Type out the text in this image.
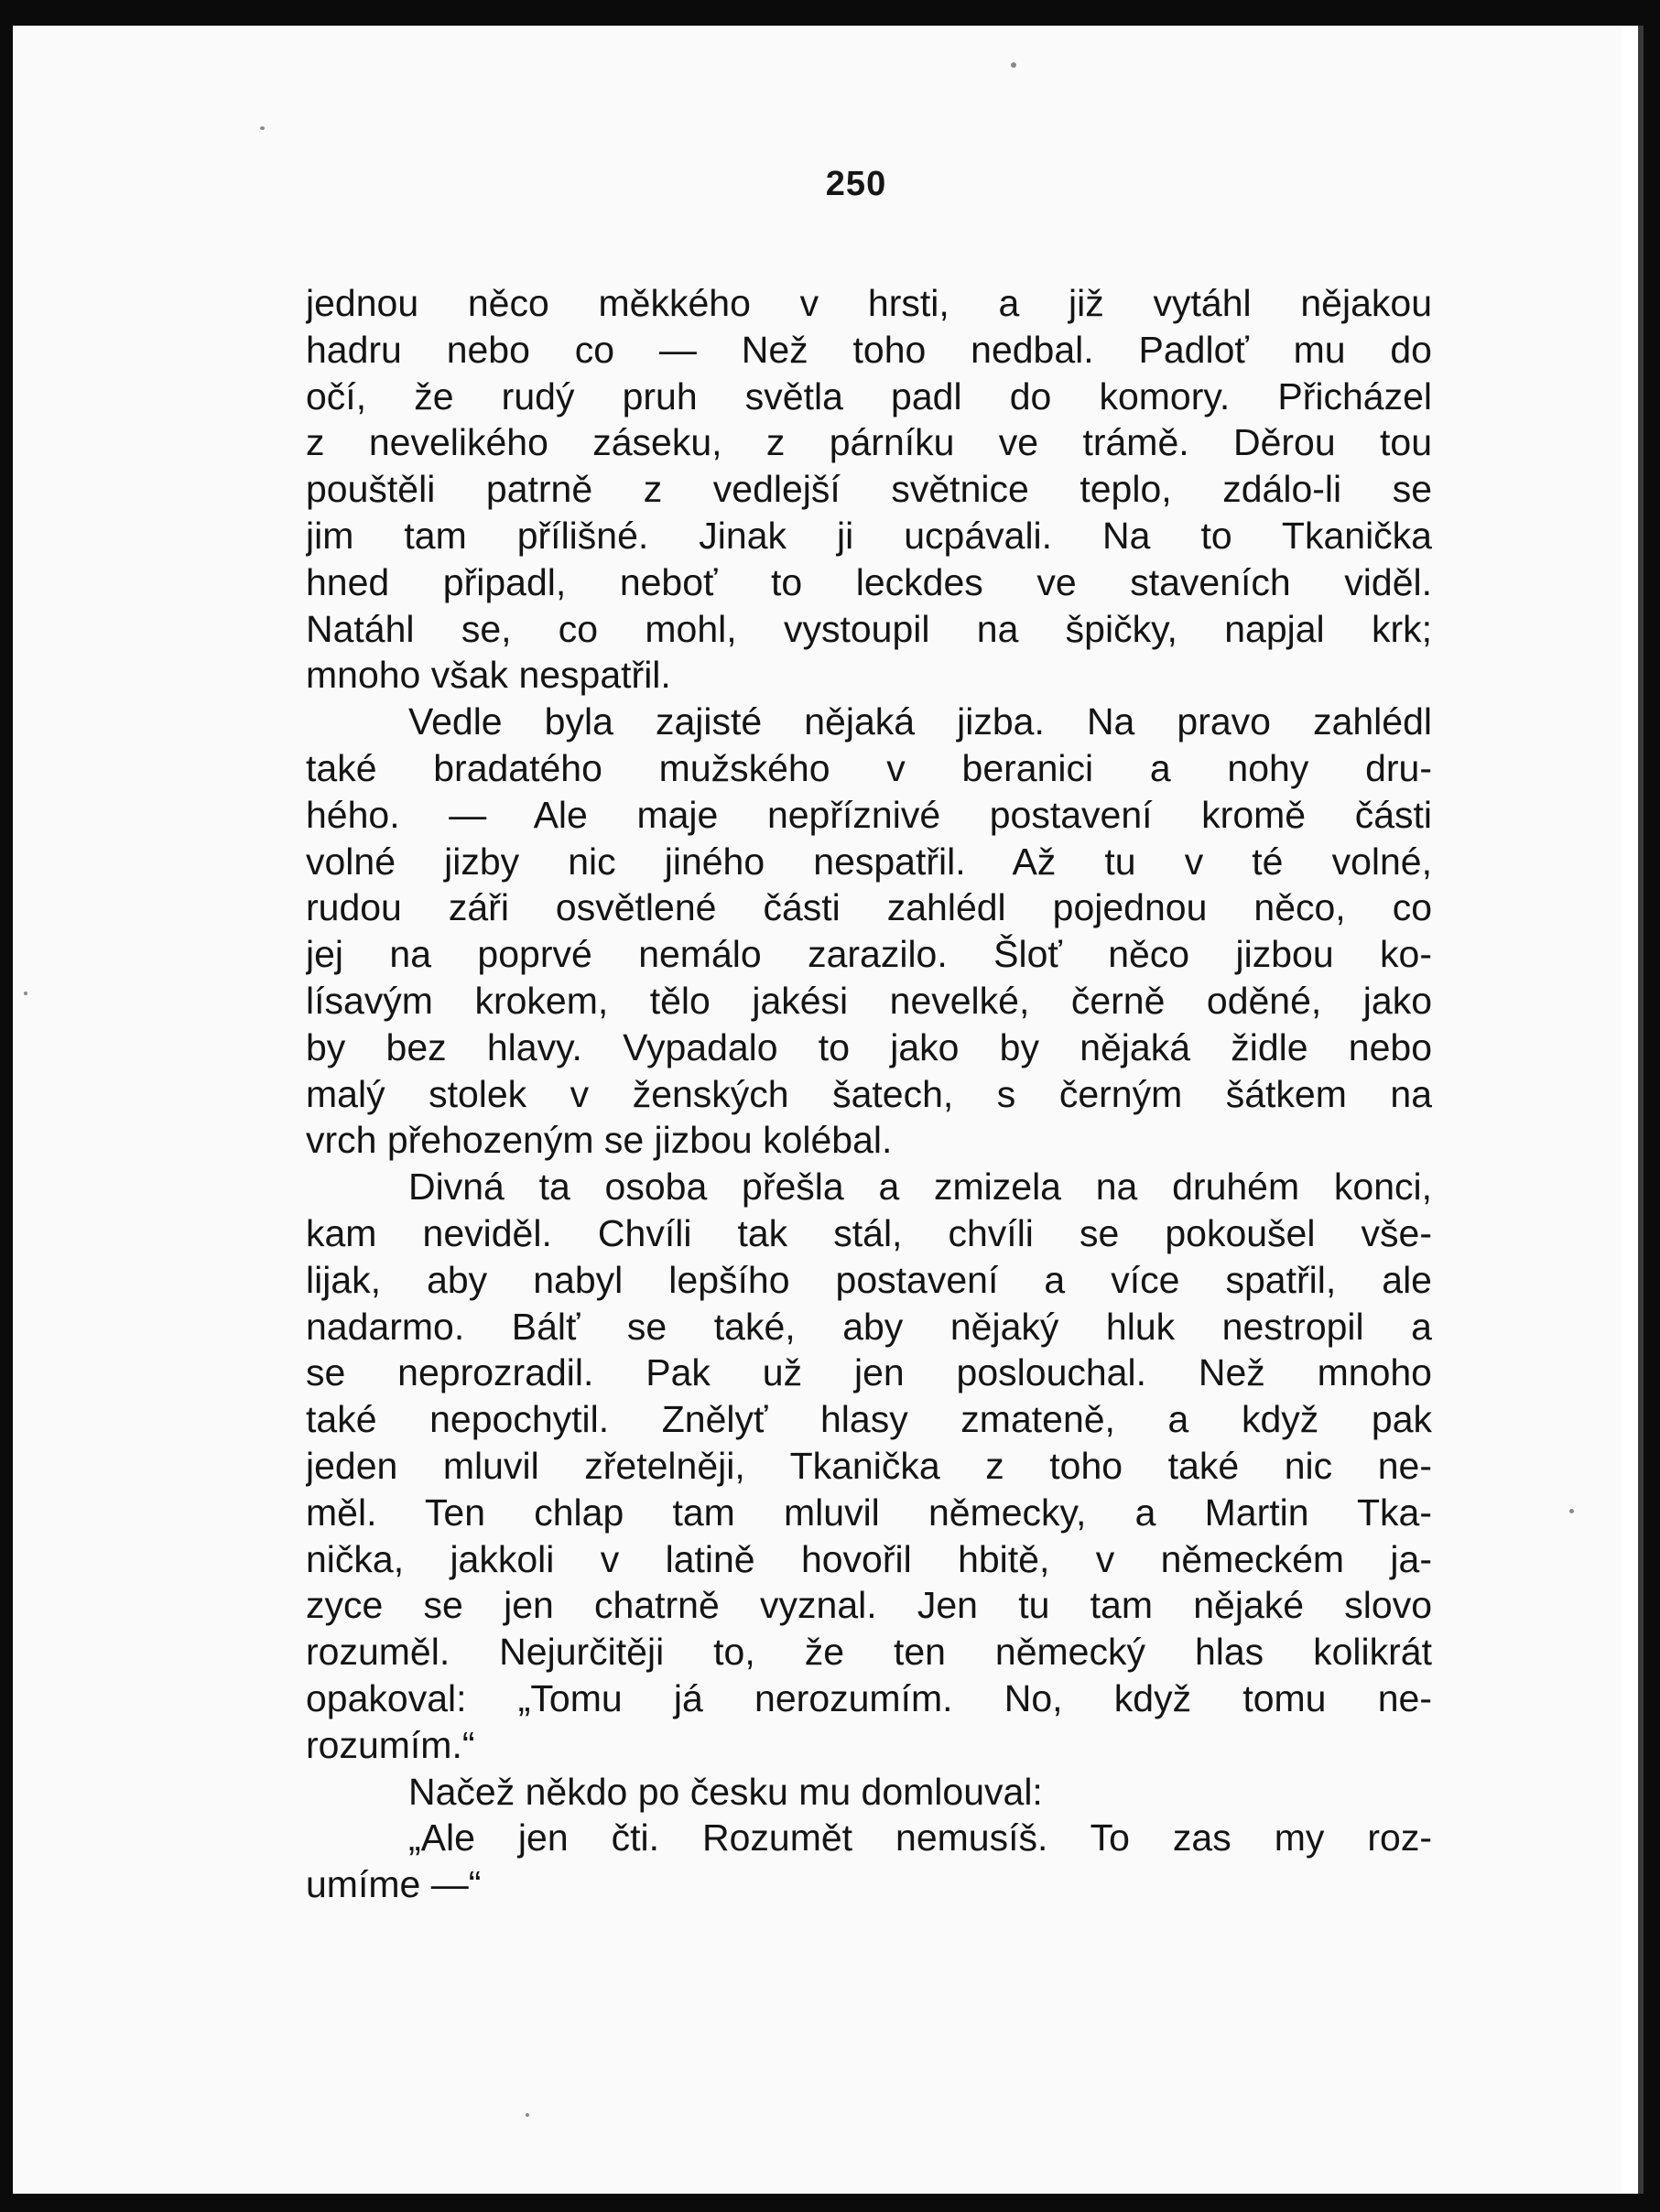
250
jednou něco měkkého v hrsti, a již vytáhl nějakou
hadru nebo co — Než toho nedbal. Padloť mu do
očí, že rudý pruh světla padl do komory. Přicházel
z nevelikého záseku, z párníku ve trámě. Děrou tou
pouštěli patrně z vedlejší světnice teplo, zdálo-li se
jim tam přílišné. Jinak ji ucpávali. Na to Tkanička
hned připadl, neboť to leckdes ve staveních viděl.
Natáhl se, co mohl, vystoupil na špičky, napjal krk;
mnoho však nespatřil.
Vedle byla zajisté nějaká jizba. Na pravo zahlédl
také bradatého mužského v beranici a nohy dru-
hého. — Ale maje nepříznivé postavení kromě části
volné jizby nic jiného nespatřil. Až tu v té volné,
rudou záři osvětlené části zahlédl pojednou něco, co
jej na poprvé nemálo zarazilo. Šloť něco jizbou ko-
lísavým krokem, tělo jakési nevelké, černě oděné, jako
by bez hlavy. Vypadalo to jako by nějaká židle nebo
malý stolek v ženských šatech, s černým šátkem na
vrch přehozeným se jizbou kolébal.
Divná ta osoba přešla a zmizela na druhém konci,
kam neviděl. Chvíli tak stál, chvíli se pokoušel vše-
lijak, aby nabyl lepšího postavení a více spatřil, ale
nadarmo. Bálť se také, aby nějaký hluk nestropil a
se neprozradil. Pak už jen poslouchal. Než mnoho
také nepochytil. Znělyť hlasy zmateně, a když pak
jeden mluvil zřetelněji, Tkanička z toho také nic ne-
měl. Ten chlap tam mluvil německy, a Martin Tka-
nička, jakkoli v latině hovořil hbitě, v německém ja-
zyce se jen chatrně vyznal. Jen tu tam nějaké slovo
rozuměl. Nejurčitěji to, že ten německý hlas kolikrát
opakoval: „Tomu já nerozumím. No, když tomu ne-
rozumím.“
Načež někdo po česku mu domlouval:
„Ale jen čti. Rozumět nemusíš. To zas my roz-
umíme —“
